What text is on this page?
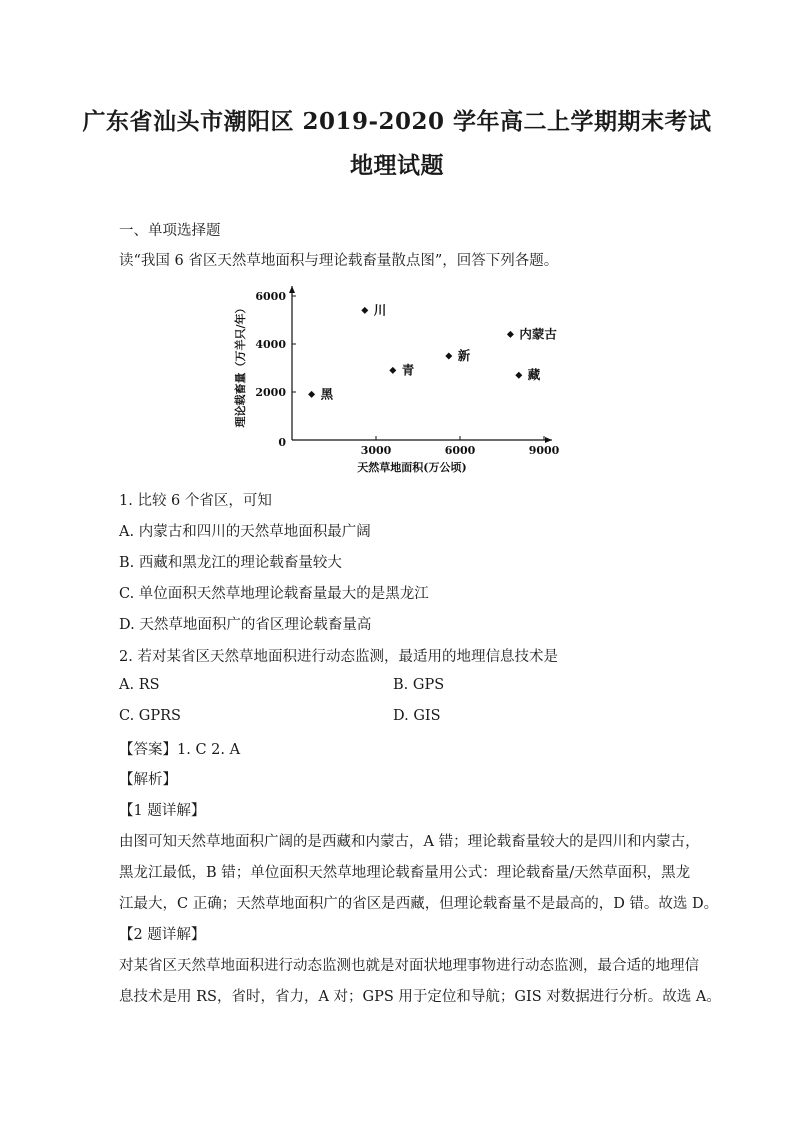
广东省汕头市潮阳区 2019-2020 学年高二上学期期末考试
地理试题
一、单项选择题
读“我国 6 省区天然草地面积与理论载畜量散点图”，回答下列各题。
3000	6000	9000
2000
4000
6000
0
黑
川
青
新
内蒙古
藏
天然草地面积(万公顷)
理论载畜量（万羊只/年）
1. 比较 6 个省区，可知
A. 内蒙古和四川的天然草地面积最广阔
B. 西藏和黑龙江的理论载畜量较大
C. 单位面积天然草地理论载畜量最大的是黑龙江
D. 天然草地面积广的省区理论载畜量高
2. 若对某省区天然草地面积进行动态监测，最适用的地理信息技术是
A. RS	B. GPS
C. GPRS	D. GIS
【答案】1. C 2. A
【解析】
【1 题详解】
由图可知天然草地面积广阔的是西藏和内蒙古，A 错；理论载畜量较大的是四川和内蒙古，
黑龙江最低，B 错；单位面积天然草地理论载畜量用公式：理论载畜量/天然草面积，黑龙
江最大，C 正确；天然草地面积广的省区是西藏，但理论载畜量不是最高的，D 错。故选 D。
【2 题详解】
对某省区天然草地面积进行动态监测也就是对面状地理事物进行动态监测，最合适的地理信
息技术是用 RS，省时，省力，A 对；GPS 用于定位和导航；GIS 对数据进行分析。故选 A。
